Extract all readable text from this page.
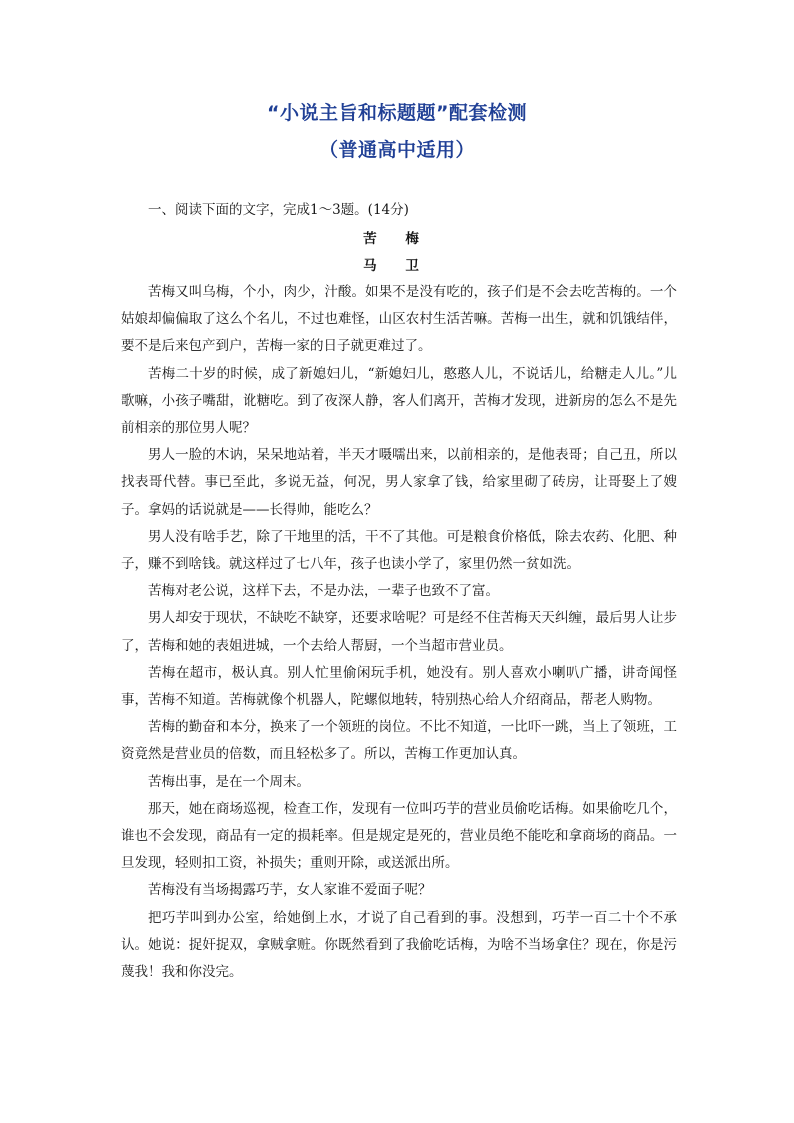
“小说主旨和标题题”配套检测
（普通高中适用）

一、阅读下面的文字，完成1～3题。(14分)

苦 梅

马 卫

苦梅又叫乌梅，个小，肉少，汁酸。如果不是没有吃的，孩子们是不会去吃苦梅的。一个姑娘却偏偏取了这么个名儿，不过也难怪，山区农村生活苦嘛。苦梅一出生，就和饥饿结伴，要不是后来包产到户，苦梅一家的日子就更难过了。

苦梅二十岁的时候，成了新媳妇儿，“新媳妇儿，憨憨人儿，不说话儿，给糖走人儿。”儿歌嘛，小孩子嘴甜，讹糖吃。到了夜深人静，客人们离开，苦梅才发现，进新房的怎么不是先前相亲的那位男人呢？

男人一脸的木讷，呆呆地站着，半天才嗫嚅出来，以前相亲的，是他表哥；自己丑，所以找表哥代替。事已至此，多说无益，何况，男人家拿了钱，给家里砌了砖房，让哥娶上了嫂子。拿妈的话说就是——长得帅，能吃么？

男人没有啥手艺，除了干地里的活，干不了其他。可是粮食价格低，除去农药、化肥、种子，赚不到啥钱。就这样过了七八年，孩子也读小学了，家里仍然一贫如洗。

苦梅对老公说，这样下去，不是办法，一辈子也致不了富。

男人却安于现状，不缺吃不缺穿，还要求啥呢？可是经不住苦梅天天纠缠，最后男人让步了，苦梅和她的表姐进城，一个去给人帮厨，一个当超市营业员。

苦梅在超市，极认真。别人忙里偷闲玩手机，她没有。别人喜欢小喇叭广播，讲奇闻怪事，苦梅不知道。苦梅就像个机器人，陀螺似地转，特别热心给人介绍商品，帮老人购物。

苦梅的勤奋和本分，换来了一个领班的岗位。不比不知道，一比吓一跳，当上了领班，工资竟然是营业员的倍数，而且轻松多了。所以，苦梅工作更加认真。

苦梅出事，是在一个周末。

那天，她在商场巡视，检查工作，发现有一位叫巧芋的营业员偷吃话梅。如果偷吃几个，谁也不会发现，商品有一定的损耗率。但是规定是死的，营业员绝不能吃和拿商场的商品。一旦发现，轻则扣工资，补损失；重则开除，或送派出所。

苦梅没有当场揭露巧芋，女人家谁不爱面子呢？

把巧芋叫到办公室，给她倒上水，才说了自己看到的事。没想到，巧芋一百二十个不承认。她说：捉奸捉双，拿贼拿赃。你既然看到了我偷吃话梅，为啥不当场拿住？现在，你是污蔑我！我和你没完。
